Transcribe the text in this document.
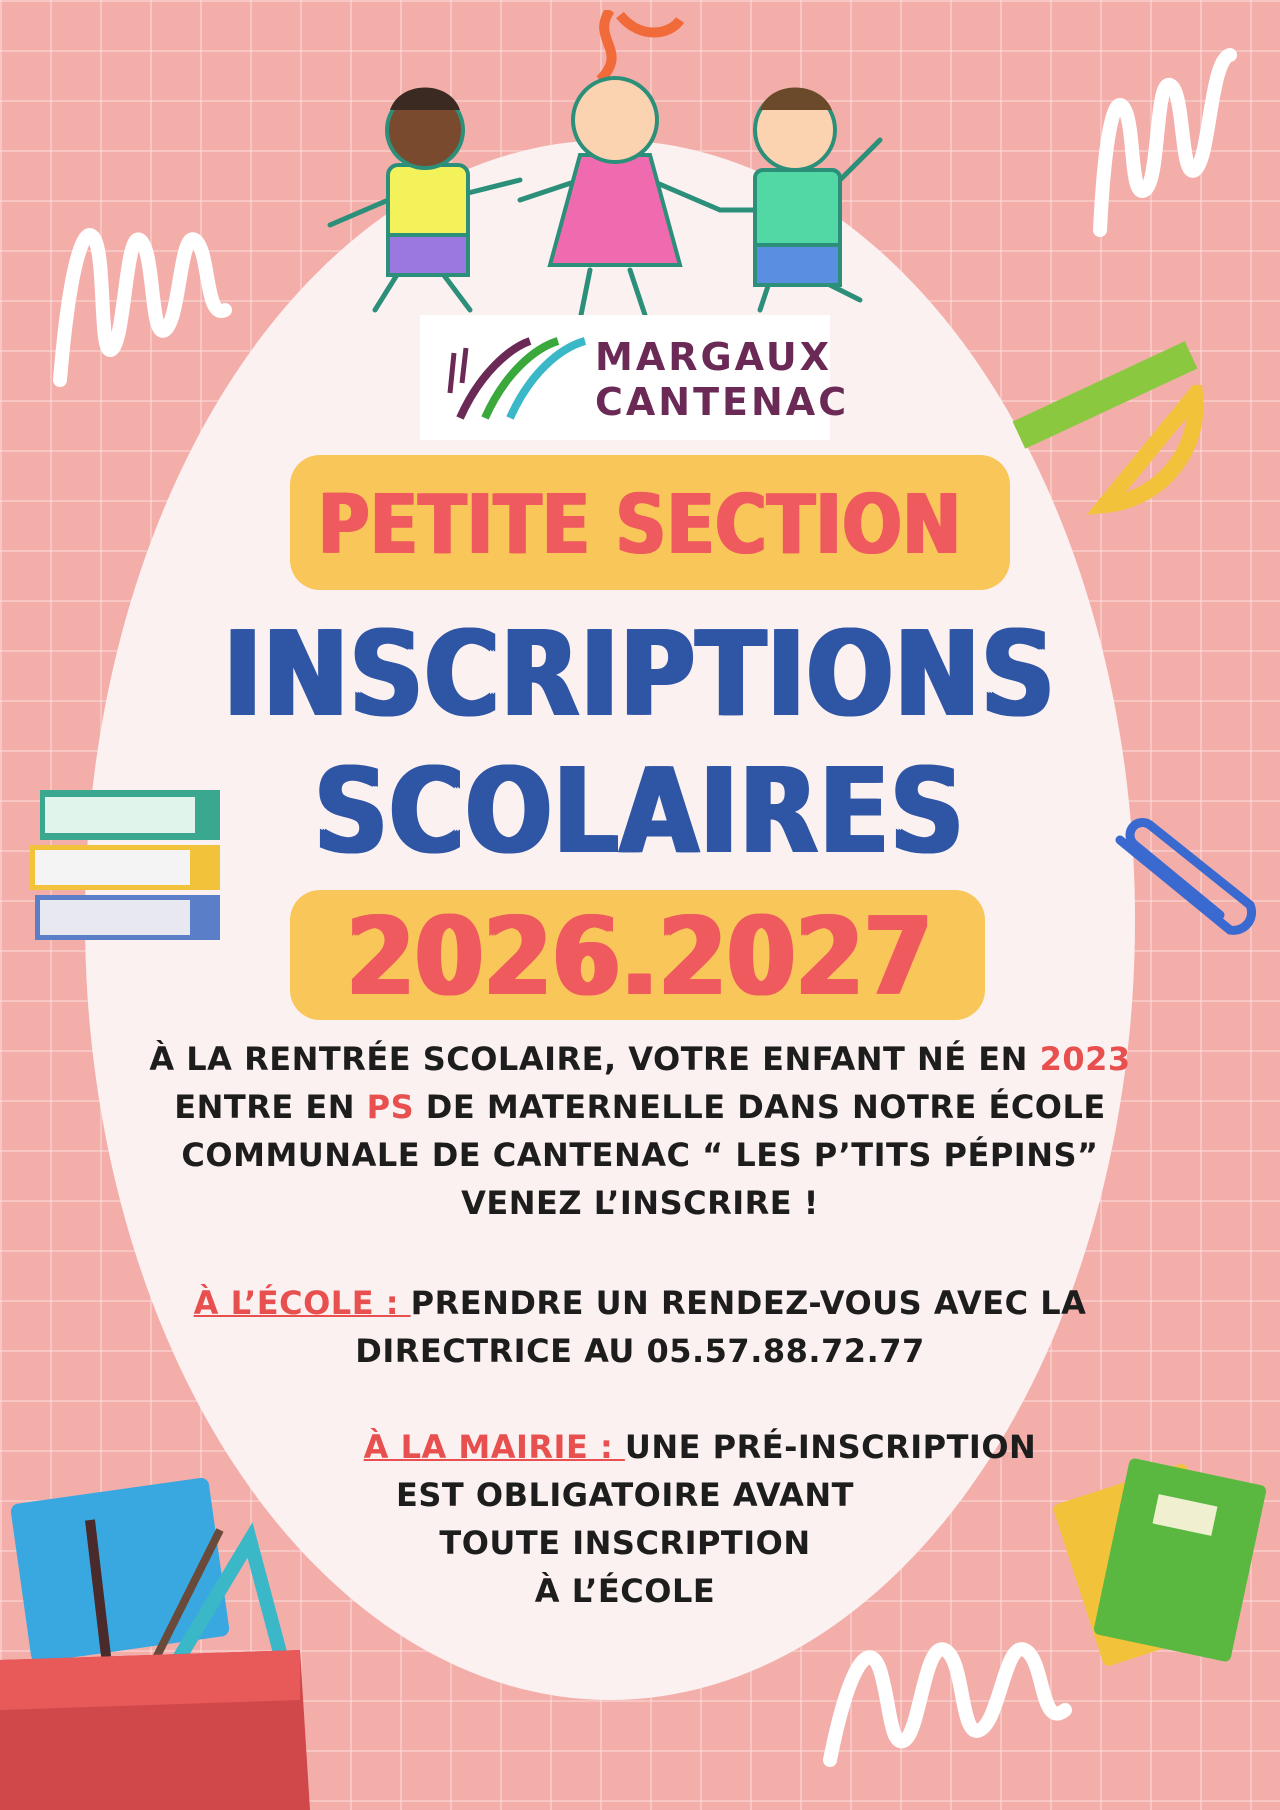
MARGAUX
CANTENAC
PETITE SECTION
INSCRIPTIONS
SCOLAIRES
2026.2027
À LA RENTRÉE SCOLAIRE, VOTRE ENFANT NÉ EN 2023
ENTRE EN PS DE MATERNELLE DANS NOTRE ÉCOLE
COMMUNALE DE CANTENAC “ LES P’TITS PÉPINS”
VENEZ L’INSCRIRE !
À L’ÉCOLE : PRENDRE UN RENDEZ-VOUS AVEC LA
DIRECTRICE AU 05.57.88.72.77
À LA MAIRIE : UNE PRÉ-INSCRIPTION
EST OBLIGATOIRE AVANT
TOUTE INSCRIPTION
À L’ÉCOLE
